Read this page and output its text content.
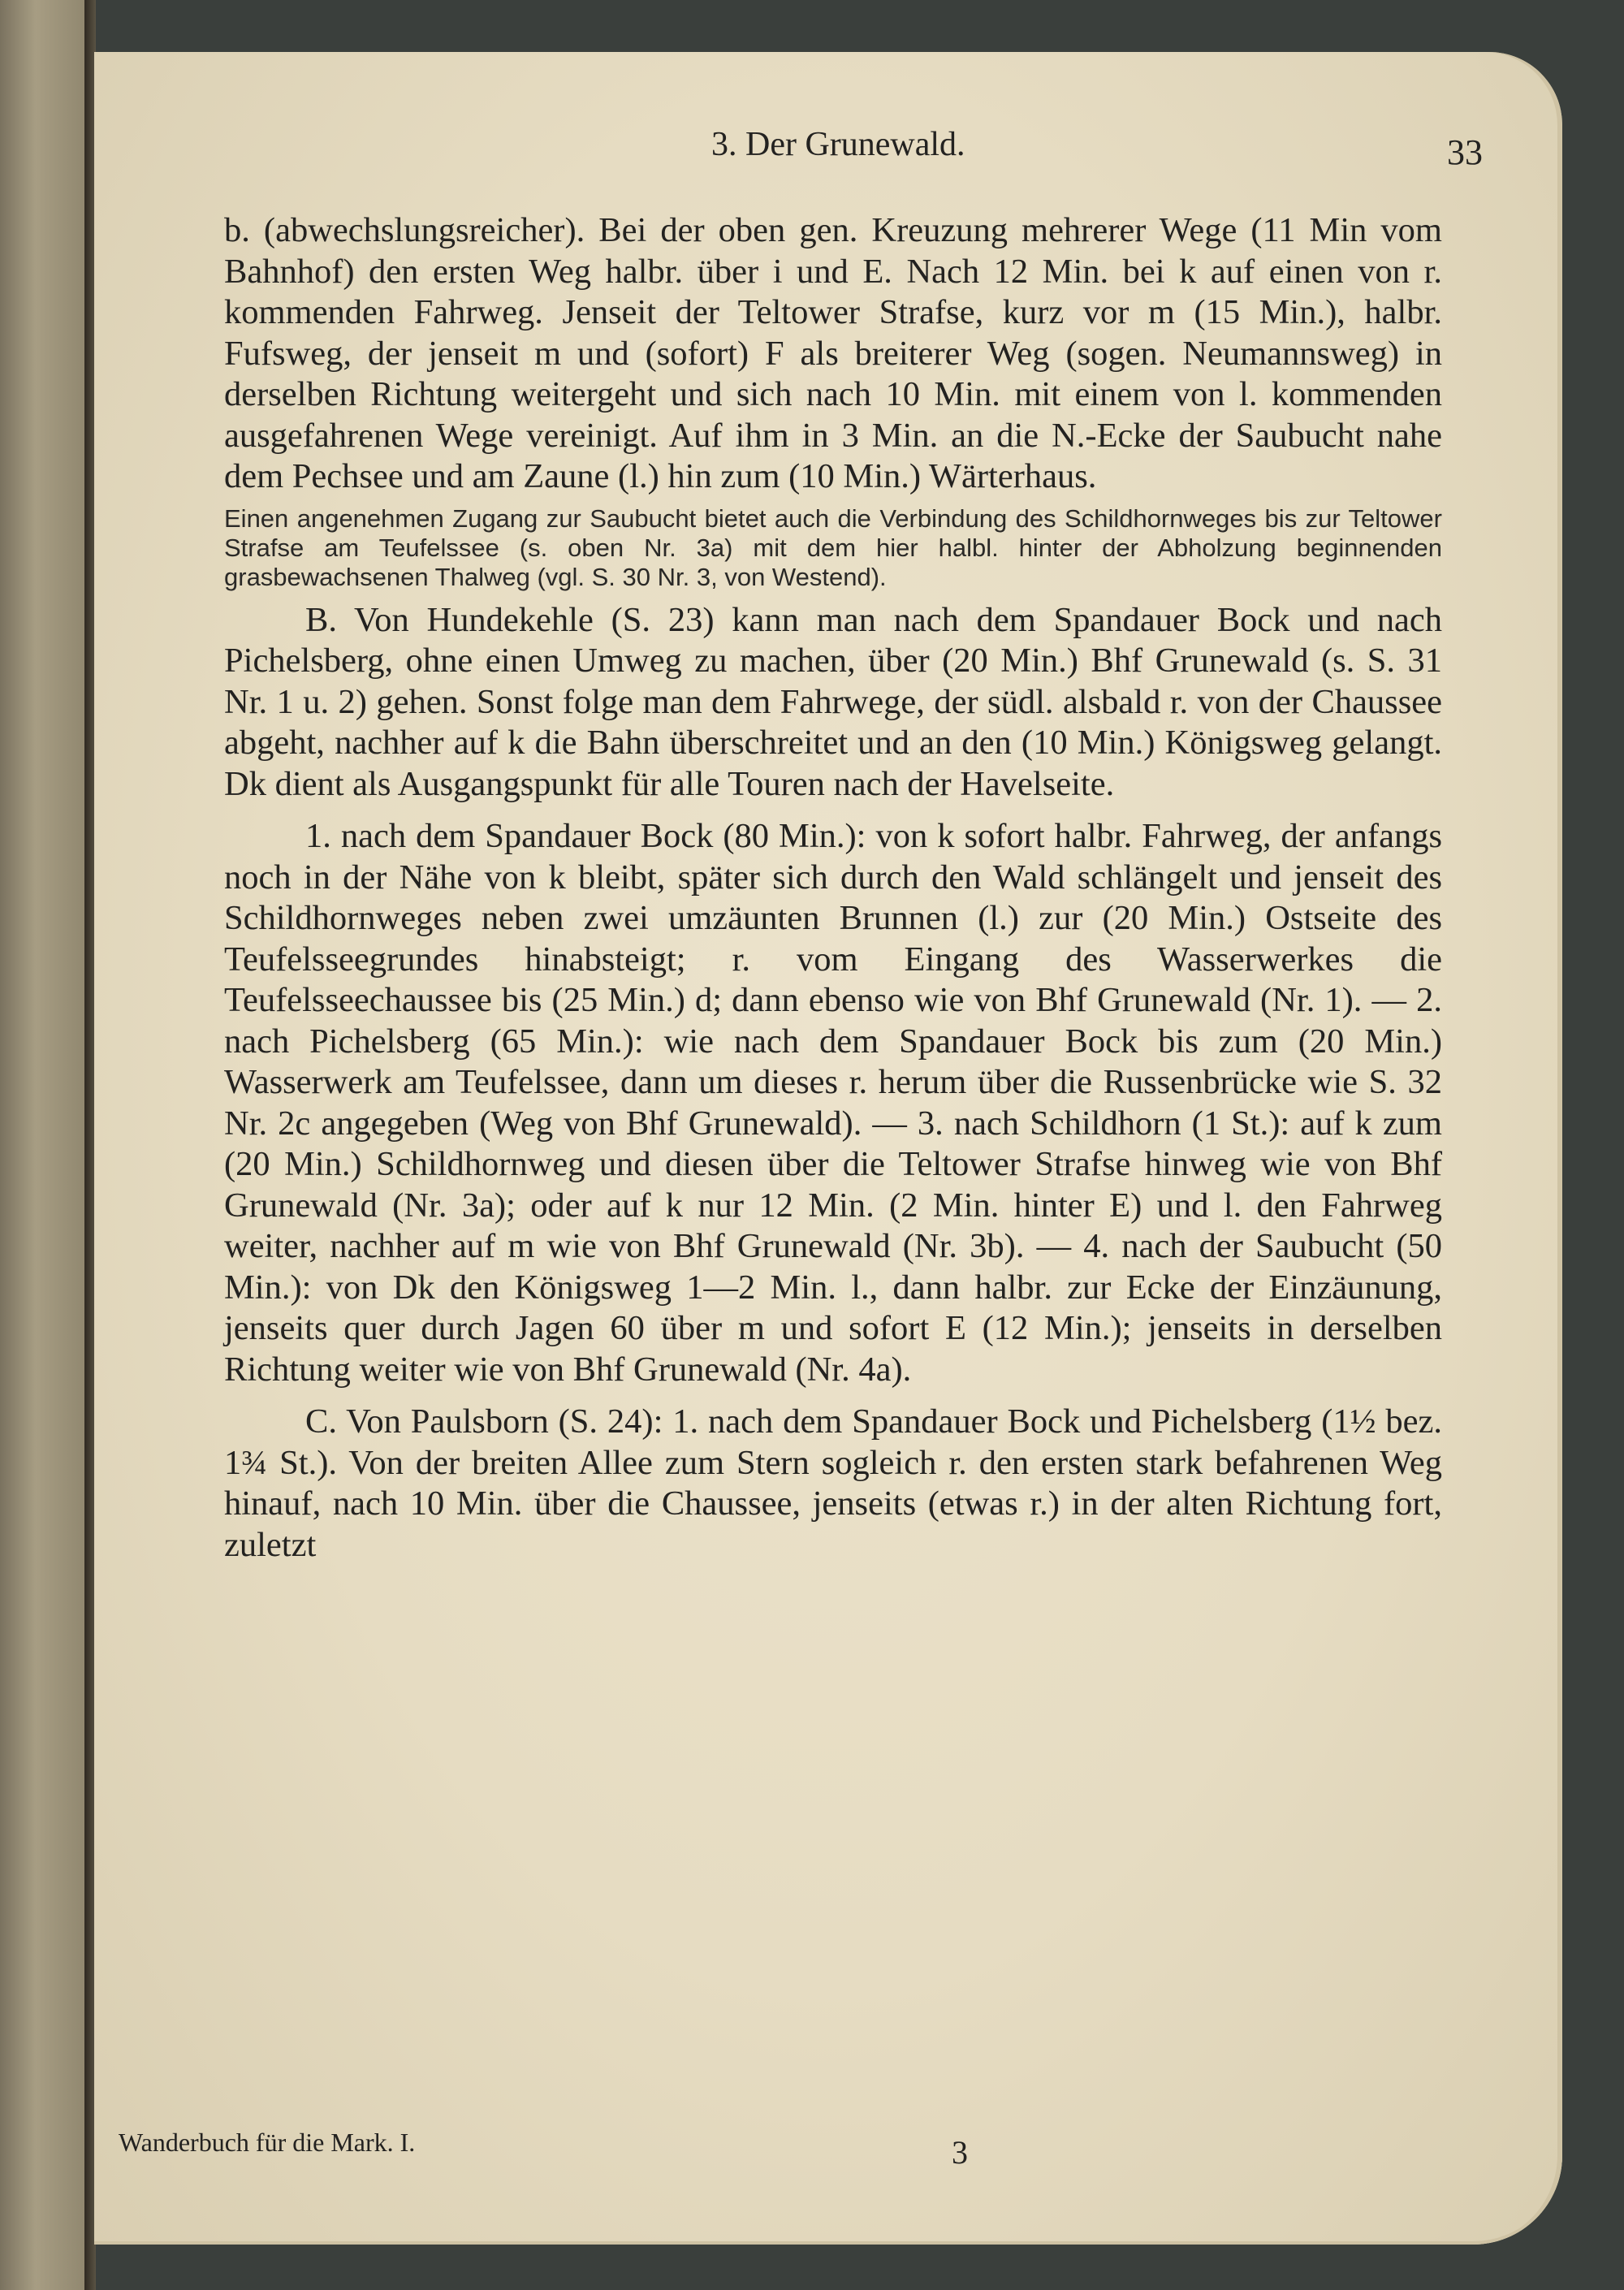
3. Der Grunewald.	33

b. (abwechslungsreicher). Bei der oben gen. Kreuzung mehrerer Wege (11 Min vom Bahnhof) den ersten Weg halbr. über i und E. Nach 12 Min. bei k auf einen von r. kommenden Fahrweg. Jenseit der Teltower Strafse, kurz vor m (15 Min.), halbr. Fufsweg, der jenseit m und (sofort) F als breiterer Weg (sogen. Neumannsweg) in derselben Richtung weitergeht und sich nach 10 Min. mit einem von l. kommenden ausgefahrenen Wege vereinigt. Auf ihm in 3 Min. an die N.-Ecke der Saubucht nahe dem Pechsee und am Zaune (l.) hin zum (10 Min.) Wärterhaus.

Einen angenehmen Zugang zur Saubucht bietet auch die Verbindung des Schildhornweges bis zur Teltower Strafse am Teufelssee (s. oben Nr. 3a) mit dem hier halbl. hinter der Abholzung beginnenden grasbewachsenen Thalweg (vgl. S. 30 Nr. 3, von Westend).

B. Von Hundekehle (S. 23) kann man nach dem Spandauer Bock und nach Pichelsberg, ohne einen Umweg zu machen, über (20 Min.) Bhf Grunewald (s. S. 31 Nr. 1 u. 2) gehen. Sonst folge man dem Fahrwege, der südl. alsbald r. von der Chaussee abgeht, nachher auf k die Bahn überschreitet und an den (10 Min.) Königsweg gelangt. Dk dient als Ausgangspunkt für alle Touren nach der Havelseite.

1. nach dem Spandauer Bock (80 Min.): von k sofort halbr. Fahrweg, der anfangs noch in der Nähe von k bleibt, später sich durch den Wald schlängelt und jenseit des Schildhornweges neben zwei umzäunten Brunnen (l.) zur (20 Min.) Ostseite des Teufelsseegrundes hinabsteigt; r. vom Eingang des Wasserwerkes die Teufelsseechaussee bis (25 Min.) d; dann ebenso wie von Bhf Grunewald (Nr. 1). — 2. nach Pichelsberg (65 Min.): wie nach dem Spandauer Bock bis zum (20 Min.) Wasserwerk am Teufelssee, dann um dieses r. herum über die Russenbrücke wie S. 32 Nr. 2c angegeben (Weg von Bhf Grunewald). — 3. nach Schildhorn (1 St.): auf k zum (20 Min.) Schildhornweg und diesen über die Teltower Strafse hinweg wie von Bhf Grunewald (Nr. 3a); oder auf k nur 12 Min. (2 Min. hinter E) und l. den Fahrweg weiter, nachher auf m wie von Bhf Grunewald (Nr. 3b). — 4. nach der Saubucht (50 Min.): von Dk den Königsweg 1—2 Min. l., dann halbr. zur Ecke der Einzäunung, jenseits quer durch Jagen 60 über m und sofort E (12 Min.); jenseits in derselben Richtung weiter wie von Bhf Grunewald (Nr. 4a).

C. Von Paulsborn (S. 24): 1. nach dem Spandauer Bock und Pichelsberg (1½ bez. 1¾ St.). Von der breiten Allee zum Stern sogleich r. den ersten stark befahrenen Weg hinauf, nach 10 Min. über die Chaussee, jenseits (etwas r.) in der alten Richtung fort, zuletzt

Wanderbuch für die Mark. I.	3
